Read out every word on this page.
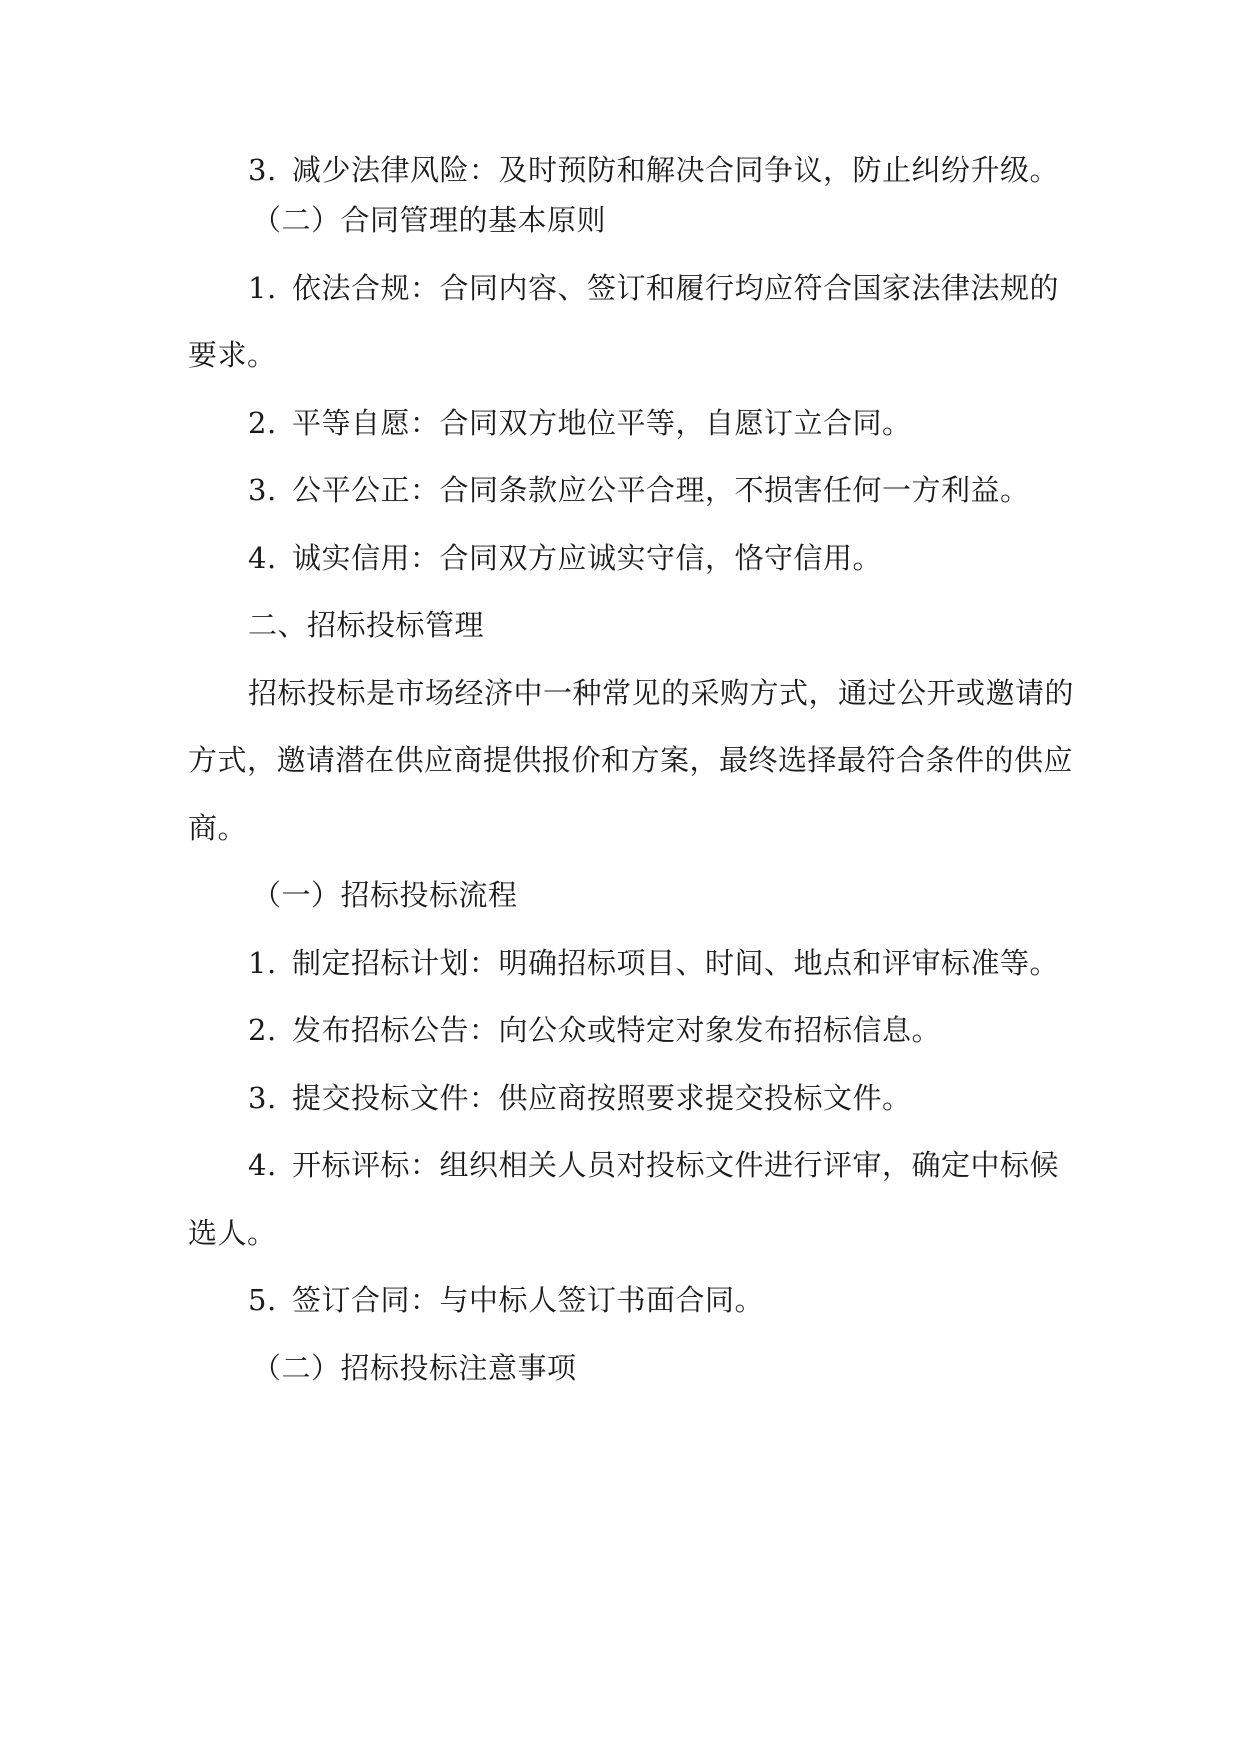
3. 减少法律风险：及时预防和解决合同争议，防止纠纷升级。
（二）合同管理的基本原则
1. 依法合规：合同内容、签订和履行均应符合国家法律法规的
要求。
2. 平等自愿：合同双方地位平等，自愿订立合同。
3. 公平公正：合同条款应公平合理，不损害任何一方利益。
4. 诚实信用：合同双方应诚实守信，恪守信用。
二、招标投标管理
招标投标是市场经济中一种常见的采购方式，通过公开或邀请的
方式，邀请潜在供应商提供报价和方案，最终选择最符合条件的供应
商。
（一）招标投标流程
1. 制定招标计划：明确招标项目、时间、地点和评审标准等。
2. 发布招标公告：向公众或特定对象发布招标信息。
3. 提交投标文件：供应商按照要求提交投标文件。
4. 开标评标：组织相关人员对投标文件进行评审，确定中标候
选人。
5. 签订合同：与中标人签订书面合同。
（二）招标投标注意事项
